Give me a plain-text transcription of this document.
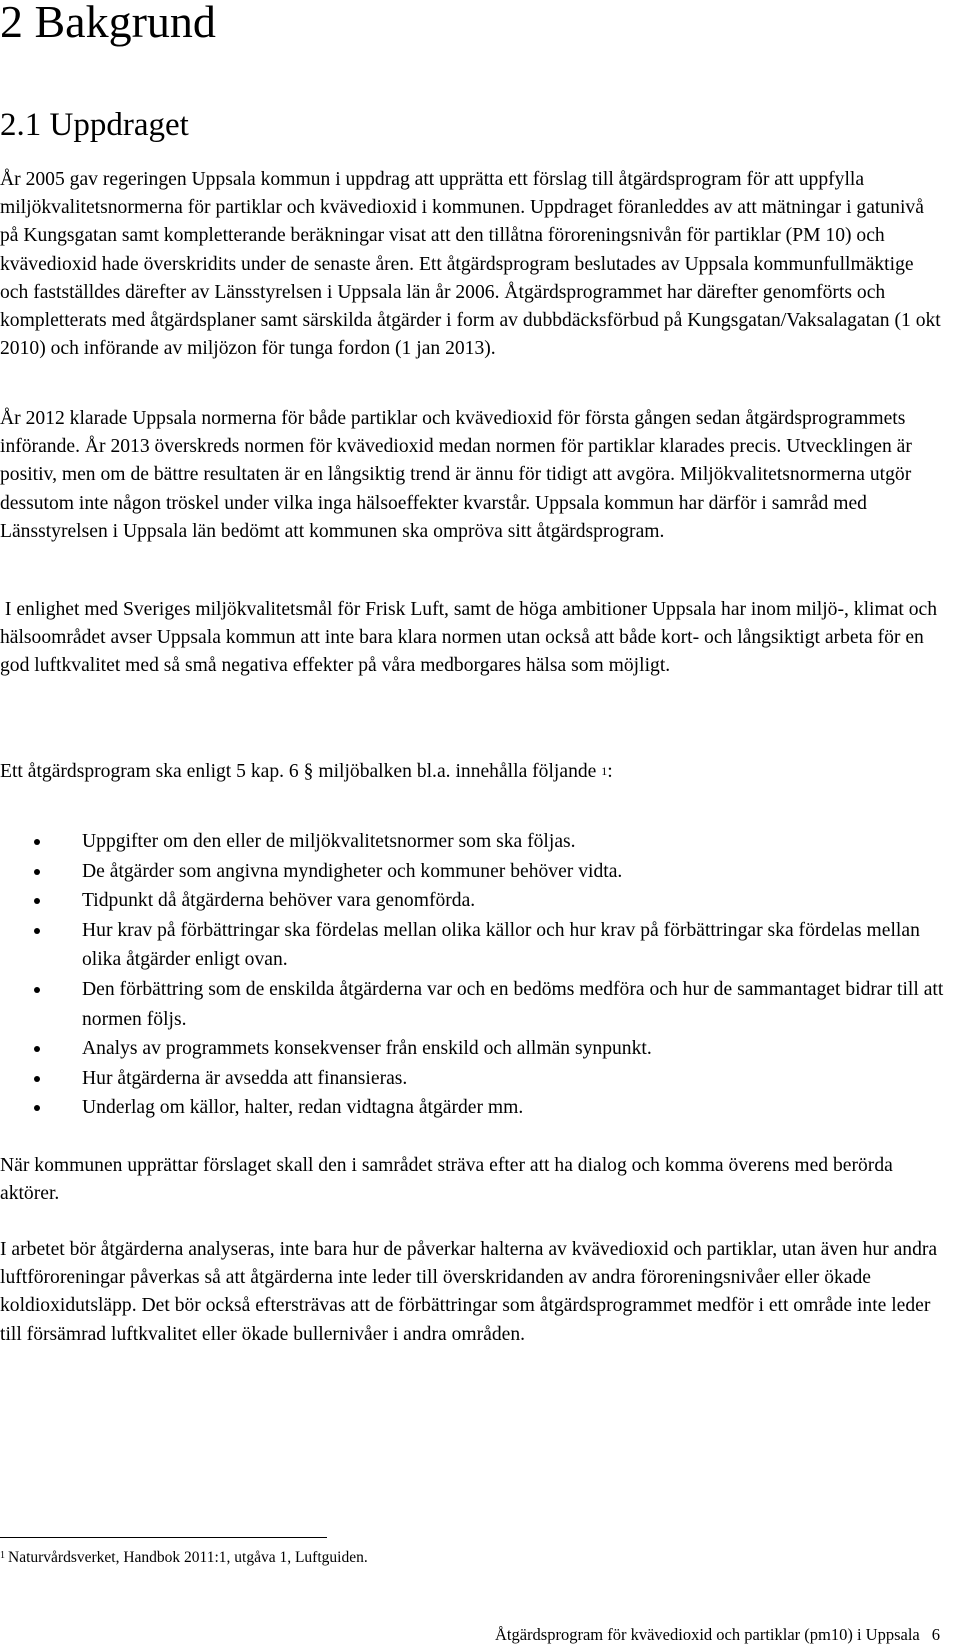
2 Bakgrund
2.1 Uppdraget

År 2005 gav regeringen Uppsala kommun i uppdrag att upprätta ett förslag till åtgärdsprogram för att uppfylla miljökvalitetsnormerna för partiklar och kvävedioxid i kommunen. Uppdraget föranleddes av att mätningar i gatunivå på Kungsgatan samt kompletterande beräkningar visat att den tillåtna föroreningsnivån för partiklar (PM 10) och kvävedioxid hade överskridits under de senaste åren. Ett åtgärdsprogram beslutades av Uppsala kommunfullmäktige och fastställdes därefter av Länsstyrelsen i Uppsala län år 2006. Åtgärdsprogrammet har därefter genomförts och kompletterats med åtgärdsplaner samt särskilda åtgärder i form av dubbdäcksförbud på Kungsgatan/Vaksalagatan (1 okt 2010) och införande av miljözon för tunga fordon (1 jan 2013).

År 2012 klarade Uppsala normerna för både partiklar och kvävedioxid för första gången sedan åtgärdsprogrammets införande. År 2013 överskreds normen för kvävedioxid medan normen för partiklar klarades precis. Utvecklingen är positiv, men om de bättre resultaten är en långsiktig trend är ännu för tidigt att avgöra. Miljökvalitetsnormerna utgör dessutom inte någon tröskel under vilka inga hälsoeffekter kvarstår. Uppsala kommun har därför i samråd med Länsstyrelsen i Uppsala län bedömt att kommunen ska ompröva sitt åtgärdsprogram.

I enlighet med Sveriges miljökvalitetsmål för Frisk Luft, samt de höga ambitioner Uppsala har inom miljö-, klimat och hälsoområdet avser Uppsala kommun att inte bara klara normen utan också att både kort- och långsiktigt arbeta för en god luftkvalitet med så små negativa effekter på våra medborgares hälsa som möjligt.

Ett åtgärdsprogram ska enligt 5 kap. 6 § miljöbalken bl.a. innehålla följande $^1$:

Uppgifter om den eller de miljökvalitetsnormer som ska följas.
De åtgärder som angivna myndigheter och kommuner behöver vidta.
Tidpunkt då åtgärderna behöver vara genomförda.
Hur krav på förbättringar ska fördelas mellan olika källor och hur krav på förbättringar ska fördelas mellan olika åtgärder enligt ovan.
Den förbättring som de enskilda åtgärderna var och en bedöms medföra och hur de sammantaget bidrar till att normen följs.
Analys av programmets konsekvenser från enskild och allmän synpunkt.
Hur åtgärderna är avsedda att finansieras.
Underlag om källor, halter, redan vidtagna åtgärder mm.

När kommunen upprättar förslaget skall den i samrådet sträva efter att ha dialog och komma överens med berörda aktörer.

I arbetet bör åtgärderna analyseras, inte bara hur de påverkar halterna av kvävedioxid och partiklar, utan även hur andra luftföroreningar påverkas så att åtgärderna inte leder till överskridanden av andra föroreningsnivåer eller ökade koldioxidutsläpp. Det bör också eftersträvas att de förbättringar som åtgärdsprogrammet medför i ett område inte leder till försämrad luftkvalitet eller ökade bullernivåer i andra områden.

$^1$ Naturvårdsverket, Handbok 2011:1, utgåva 1, Luftguiden.
Åtgärdsprogram för kvävedioxid och partiklar (pm10) i Uppsala 6
